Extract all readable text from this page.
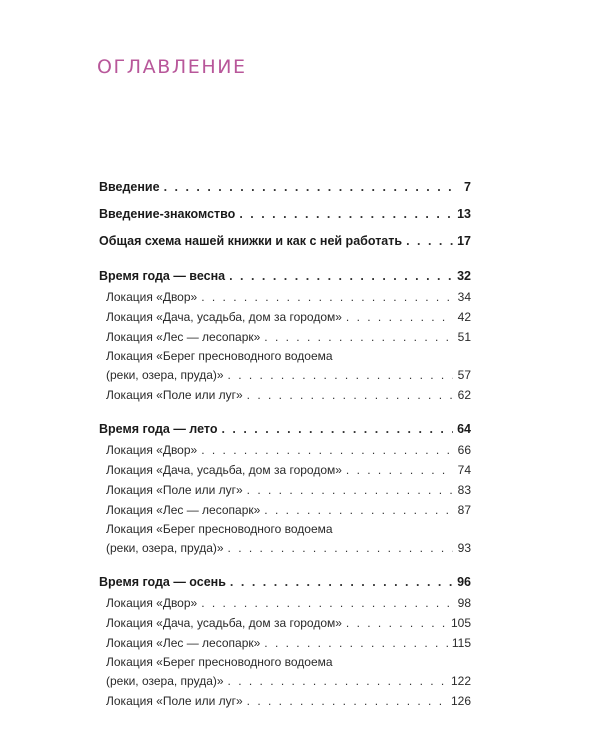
ОГЛАВЛЕНИЕ
Введение . . .	7
Введение-знакомство . . .	13
Общая схема нашей книжки и как с ней работать . . .	17
Время года — весна . . .	32
Локация «Двор» . . .	34
Локация «Дача, усадьба, дом за городом» . . .	42
Локация «Лес — лесопарк» . . .	51
Локация «Берег пресноводного водоема
(реки, озера, пруда)» . . .	57
Локация «Поле или луг» . . .	62
Время года — лето . . .	64
Локация «Двор» . . .	66
Локация «Дача, усадьба, дом за городом» . . .	74
Локация «Поле или луг» . . .	83
Локация «Лес — лесопарк» . . .	87
Локация «Берег пресноводного водоема
(реки, озера, пруда)» . . .	93
Время года — осень . . .	96
Локация «Двор» . . .	98
Локация «Дача, усадьба, дом за городом» . . .	105
Локация «Лес — лесопарк» . . .	115
Локация «Берег пресноводного водоема
(реки, озера, пруда)» . . .	122
Локация «Поле или луг» . . .	126
